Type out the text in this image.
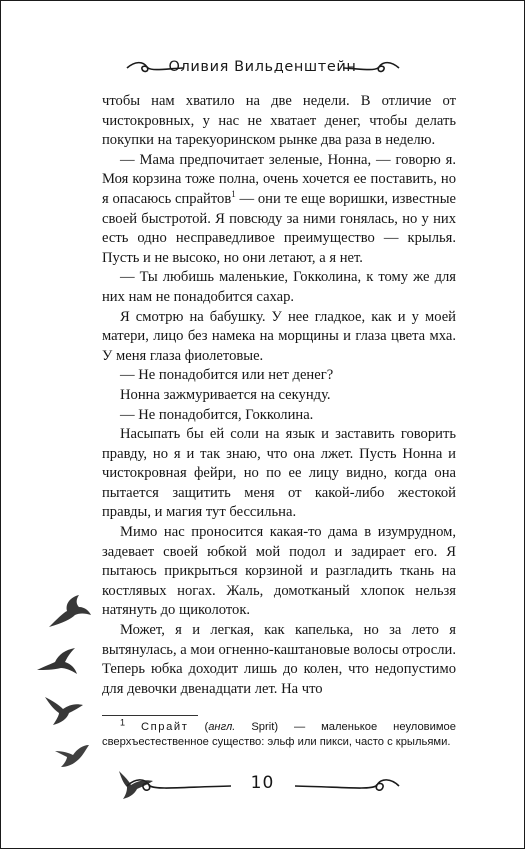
Оливия Вильденштейн

чтобы нам хватило на две недели. В отличие от чистокровных, у нас не хватает денег, чтобы делать покупки на тарекуоринском рынке два раза в неделю.

— Мама предпочитает зеленые, Нонна, — говорю я. Моя корзина тоже полна, очень хочется ее поставить, но я опасаюсь спрайтов$^1$ — они те еще воришки, известные своей быстротой. Я повсюду за ними гонялась, но у них есть одно несправедливое преимущество — крылья. Пусть и не высоко, но они летают, а я нет.

— Ты любишь маленькие, Гокколина, к тому же для них нам не понадобится сахар.

Я смотрю на бабушку. У нее гладкое, как и у моей матери, лицо без намека на морщины и глаза цвета мха. У меня глаза фиолетовые.

— Не понадобится или нет денег?

Нонна зажмуривается на секунду.

— Не понадобится, Гокколина.

Насыпать бы ей соли на язык и заставить говорить правду, но я и так знаю, что она лжет. Пусть Нонна и чистокровная фейри, но по ее лицу видно, когда она пытается защитить меня от какой-либо жестокой правды, и магия тут бессильна.

Мимо нас проносится какая-то дама в изумрудном, задевает своей юбкой мой подол и задирает его. Я пытаюсь прикрыться корзиной и разгладить ткань на костлявых ногах. Жаль, домотканый хлопок нельзя натянуть до щиколоток.

Может, я и легкая, как капелька, но за лето я вытянулась, а мои огненно-каштановые волосы отросли. Теперь юбка доходит лишь до колен, что недопустимо для девочки двенадцати лет. На что

$^1$ Спрайт (англ. Sprit) — маленькое неуловимое сверхъестественное существо: эльф или пикси, часто с крыльями.
10
